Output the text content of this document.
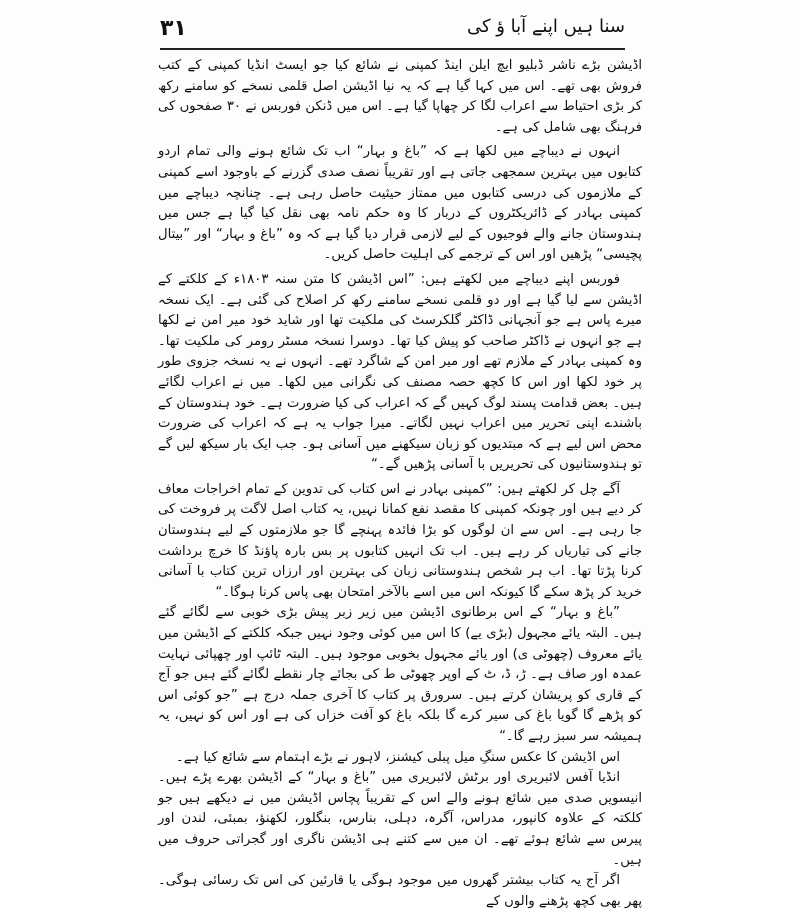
سنا ہیں اپنے آبا ؤ کی
۳۱

اڈیشن بڑے ناشر ڈبلیو ایچ ایلن اینڈ کمپنی نے شائع کیا جو ایسٹ انڈیا کمپنی کے کتب فروش بھی تھے۔ اس میں کہا گیا ہے کہ یہ نیا اڈیشن اصل قلمی نسخے کو سامنے رکھ کر بڑی احتیاط سے اعراب لگا کر چھاپا گیا ہے۔ اس میں ڈنکن فوربس نے ۳۰ صفحوں کی فرہنگ بھی شامل کی ہے۔

انہوں نے دیباچے میں لکھا ہے کہ ”باغ و بہار“ اب تک شائع ہونے والی تمام اردو کتابوں میں بہترین سمجھی جاتی ہے اور تقریباً نصف صدی گزرنے کے باوجود اسے کمپنی کے ملازموں کی درسی کتابوں میں ممتاز حیثیت حاصل رہی ہے۔ چنانچہ دیباچے میں کمپنی بہادر کے ڈائریکٹروں کے دربار کا وہ حکم نامہ بھی نقل کیا گیا ہے جس میں ہندوستان جانے والے فوجیوں کے لیے لازمی قرار دیا گیا ہے کہ وہ ”باغ و بہار“ اور ”بیتال پچیسی“ پڑھیں اور اس کے ترجمے کی اہلیت حاصل کریں۔

فوربس اپنے دیباچے میں لکھتے ہیں: ”اس اڈیشن کا متن سنہ ۱۸۰۳ء کے کلکتے کے اڈیشن سے لیا گیا ہے اور دو قلمی نسخے سامنے رکھ کر اصلاح کی گئی ہے۔ ایک نسخہ میرے پاس ہے جو آنجہانی ڈاکٹر گلکرسٹ کی ملکیت تھا اور شاید خود میر امن نے لکھا ہے جو انہوں نے ڈاکٹر صاحب کو پیش کیا تھا۔ دوسرا نسخہ مسٹر رومر کی ملکیت تھا۔ وہ کمپنی بہادر کے ملازم تھے اور میر امن کے شاگرد تھے۔ انہوں نے یہ نسخہ جزوی طور پر خود لکھا اور اس کا کچھ حصہ مصنف کی نگرانی میں لکھا۔ میں نے اعراب لگائے ہیں۔ بعض قدامت پسند لوگ کہیں گے کہ اعراب کی کیا ضرورت ہے۔ خود ہندوستان کے باشندے اپنی تحریر میں اعراب نہیں لگاتے۔ میرا جواب یہ ہے کہ اعراب کی ضرورت محض اس لیے ہے کہ مبتدیوں کو زبان سیکھنے میں آسانی ہو۔ جب ایک بار سیکھ لیں گے تو ہندوستانیوں کی تحریریں با آسانی پڑھیں گے۔“

آگے چل کر لکھتے ہیں: ”کمپنی بہادر نے اس کتاب کی تدوین کے تمام اخراجات معاف کر دیے ہیں اور چونکہ کمپنی کا مقصد نفع کمانا نہیں، یہ کتاب اصل لاگت پر فروخت کی جا رہی ہے۔ اس سے ان لوگوں کو بڑا فائدہ پہنچے گا جو ملازمتوں کے لیے ہندوستان جانے کی تیاریاں کر رہے ہیں۔ اب تک انہیں کتابوں پر بس بارہ پاؤنڈ کا خرچ برداشت کرنا پڑتا تھا۔ اب ہر شخص ہندوستانی زبان کی بہترین اور ارزاں ترین کتاب با آسانی خرید کر پڑھ سکے گا کیونکہ اس میں اسے بالآخر امتحان بھی پاس کرنا ہوگا۔“

”باغ و بہار“ کے اس برطانوی اڈیشن میں زیر زبر پیش بڑی خوبی سے لگائے گئے ہیں۔ البتہ یائے مجہول (بڑی یے) کا اس میں کوئی وجود نہیں جبکہ کلکتے کے اڈیشن میں یائے معروف (چھوٹی ی) اور یائے مجہول بخوبی موجود ہیں۔ البتہ ٹائپ اور چھپائی نہایت عمدہ اور صاف ہے۔ ڑ، ڈ، ٹ کے اوپر چھوٹی ط کی بجائے چار نقطے لگائے گئے ہیں جو آج کے قاری کو پریشان کرتے ہیں۔ سرورق پر کتاب کا آخری جملہ درج ہے ”جو کوئی اس کو پڑھے گا گویا باغ کی سیر کرے گا بلکہ باغ کو آفت خزاں کی ہے اور اس کو نہیں، یہ ہمیشہ سر سبز رہے گا۔“

اس اڈیشن کا عکس سنگِ میل پبلی کیشنز، لاہور نے بڑے اہتمام سے شائع کیا ہے۔

انڈیا آفس لائبریری اور برٹش لائبریری میں ”باغ و بہار“ کے اڈیشن بھرے پڑے ہیں۔ انیسویں صدی میں شائع ہونے والے اس کے تقریباً پچاس اڈیشن میں نے دیکھے ہیں جو کلکتہ کے علاوہ کانپور، مدراس، آگرہ، دہلی، بنارس، بنگلور، لکھنؤ، بمبئی، لندن اور پیرس سے شائع ہوئے تھے۔ ان میں سے کتنے ہی اڈیشن ناگری اور گجراتی حروف میں ہیں۔

اگر آج یہ کتاب بیشتر گھروں میں موجود ہوگی یا قارئین کی اس تک رسائی ہوگی۔ پھر بھی کچھ پڑھنے والوں کے
